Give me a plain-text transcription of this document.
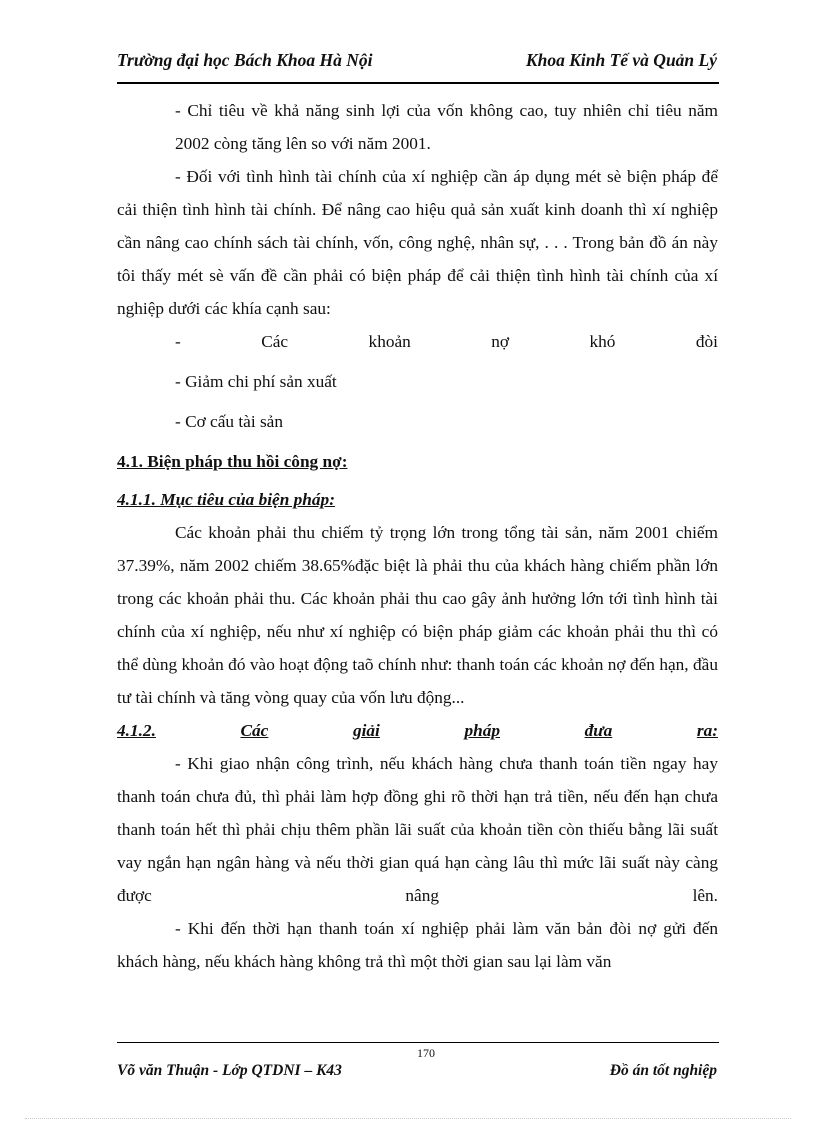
Trường đại học Bách Khoa Hà Nội	Khoa Kinh Tế và Quản Lý

- Chỉ tiêu về khả năng sinh lợi của vốn không cao, tuy nhiên chỉ tiêu năm 2002 còng tăng lên so với năm 2001.

- Đối với tình hình tài chính của xí nghiệp cần áp dụng mét sè biện pháp để cải thiện tình hình tài chính. Để nâng cao hiệu quả sản xuất kinh doanh thì xí nghiệp cần nâng cao chính sách tài chính, vốn, công nghệ, nhân sự, . . . Trong bản đồ án này tôi thấy mét sè vấn đề cần phải có biện pháp để cải thiện tình hình tài chính của xí nghiệp dưới các khía cạnh sau:

-	Các	khoản	nợ	khó	đòi

- Giảm chi phí sản xuất

- Cơ cấu tài sản

4.1. Biện pháp thu hồi công nợ:

4.1.1. Mục tiêu của biện pháp:

Các khoản phải thu chiếm tỷ trọng lớn trong tổng tài sản, năm 2001 chiếm 37.39%, năm 2002 chiếm 38.65%đặc biệt là phải thu của khách hàng chiếm phần lớn trong các khoản phải thu. Các khoản phải thu cao gây ảnh hưởng lớn tới tình hình tài chính của xí nghiệp, nếu như xí nghiệp có biện pháp giảm các khoản phải thu thì có thể dùng khoản đó vào hoạt động taõ chính như: thanh toán các khoản nợ đến hạn, đầu tư tài chính và tăng vòng quay của vốn lưu động...

4.1.2.	Các	giải	pháp	đưa	ra:

- Khi giao nhận công trình, nếu khách hàng chưa thanh toán tiền ngay hay thanh toán chưa đủ, thì phải làm hợp đồng ghi rõ thời hạn trả tiền, nếu đến hạn chưa thanh toán hết thì phải chịu thêm phần lãi suất của khoản tiền còn thiếu bằng lãi suất vay ngắn hạn ngân hàng và nếu thời gian quá hạn càng lâu thì mức lãi suất này càng được nâng lên.

- Khi đến thời hạn thanh toán xí nghiệp phải làm văn bản đòi nợ gửi đến khách hàng, nếu khách hàng không trả thì một thời gian sau lại làm văn

170
Võ văn Thuận - Lớp QTDNI – K43	Đồ án tốt nghiệp
